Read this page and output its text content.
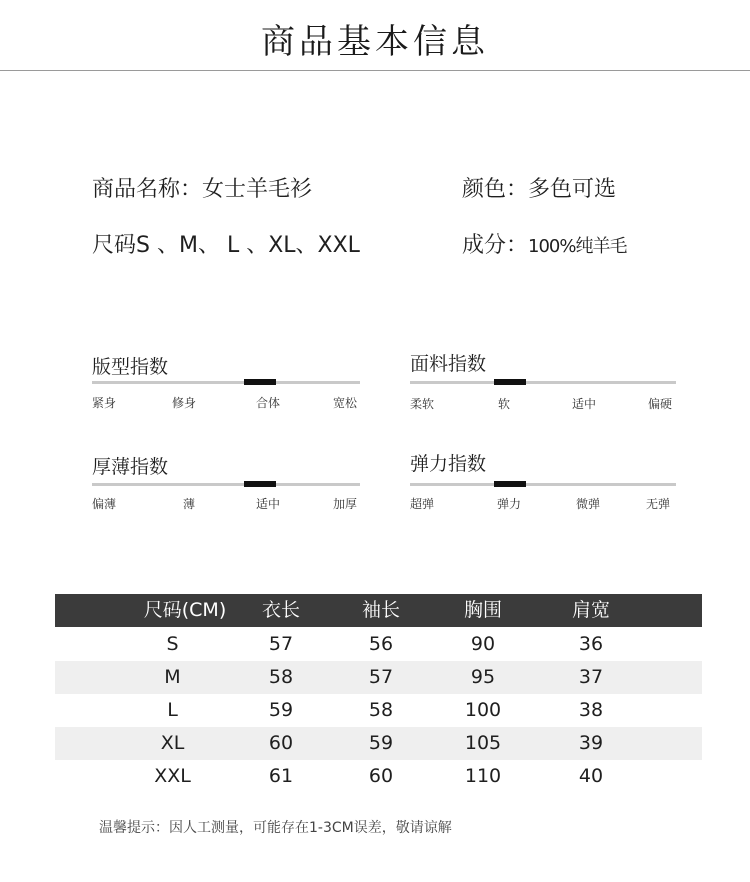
商品基本信息
商品名称：女士羊毛衫	颜色：多色可选
尺码S 、M、 L 、XL、XXL	成分：100%纯羊毛
版型指数
紧身	修身	合体	宽松
面料指数
柔软	软	适中	偏硬
厚薄指数
偏薄	薄	适中	加厚
弹力指数
超弹	弹力	微弹	无弹
尺码(CM)	衣长	袖长	胸围	肩宽
S	57	56	90	36
M	58	57	95	37
L	59	58	100	38
XL	60	59	105	39
XXL	61	60	110	40
温馨提示：因人工测量，可能存在1-3CM误差，敬请谅解
